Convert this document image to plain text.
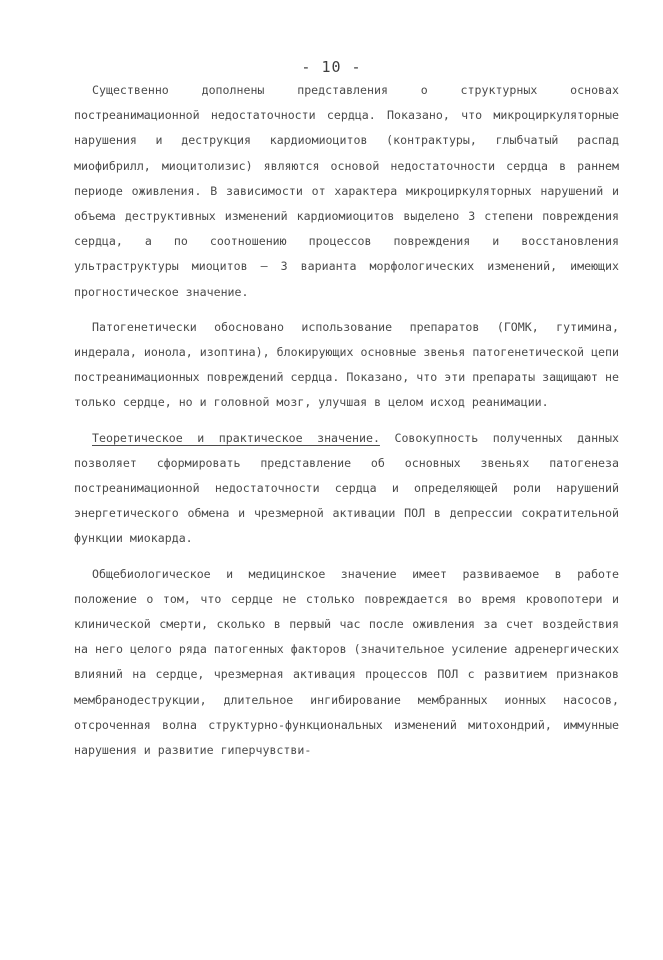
- 10 -

Существенно дополнены представления о структурных основах постреанимационной недостаточности сердца. Показано, что микроциркуляторные нарушения и деструкция кардиомиоцитов (контрактуры, глыбчатый распад миофибрилл, миоцитолизис) являются основой недостаточности сердца в раннем периоде оживления. В зависимости от характера микроциркуляторных нарушений и объема деструктивных изменений кардиомиоцитов выделено 3 степени повреждения сердца, а по соотношению процессов повреждения и восстановления ультраструктуры миоцитов – 3 варианта морфологических изменений, имеющих прогностическое значение.

Патогенетически обосновано использование препаратов (ГОМК, гутимина, индерала, ионола, изоптина), блокирующих основные звенья патогенетической цепи постреанимационных повреждений сердца. Показано, что эти препараты защищают не только сердце, но и головной мозг, улучшая в целом исход реанимации.

Теоретическое и практическое значение. Совокупность полученных данных позволяет сформировать представление об основных звеньях патогенеза постреанимационной недостаточности сердца и определяющей роли нарушений энергетического обмена и чрезмерной активации ПОЛ в депрессии сократительной функции миокарда.

Общебиологическое и медицинское значение имеет развиваемое в работе положение о том, что сердце не столько повреждается во время кровопотери и клинической смерти, сколько в первый час после оживления за счет воздействия на него целого ряда патогенных факторов (значительное усиление адренергических влияний на сердце, чрезмерная активация процессов ПОЛ с развитием признаков мембранодеструкции, длительное ингибирование мембранных ионных насосов, отсроченная волна структурно-функциональных изменений митохондрий, иммунные нарушения и развитие гиперчувстви-
